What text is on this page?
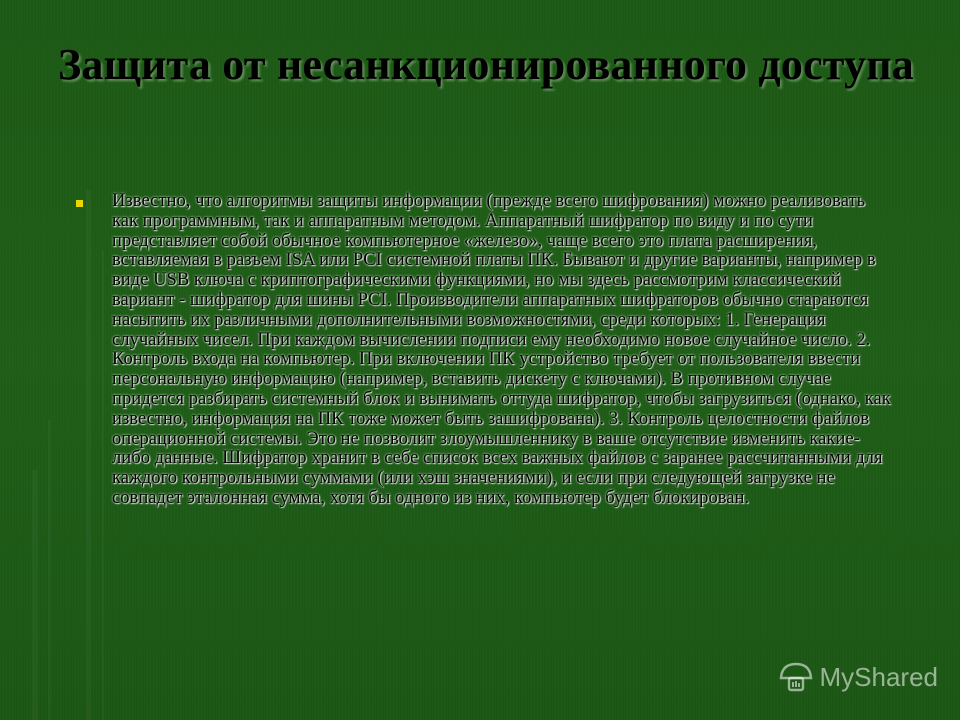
Защита от несанкционированного доступа

Известно, что алгоритмы защиты информации (прежде всего шифрования) можно реализовать как программным, так и аппаратным методом. Аппаратный шифратор по виду и по сути представляет собой обычное компьютерное «железо», чаще всего это плата расширения, вставляемая в разъем ISA или PCI системной платы ПК. Бывают и другие варианты, например в виде USB ключа с криптографическими функциями, но мы здесь рассмотрим классический вариант - шифратор для шины PCI. Производители аппаратных шифраторов обычно стараются насытить их различными дополнительными возможностями, среди которых: 1. Генерация случайных чисел. При каждом вычислении подписи ему необходимо новое случайное число. 2. Контроль входа на компьютер. При включении ПК устройство требует от пользователя ввести персональную информацию (например, вставить дискету с ключами). В противном случае придется разбирать системный блок и вынимать оттуда шифратор, чтобы загрузиться (однако, как известно, информация на ПК тоже может быть зашифрована). 3. Контроль целостности файлов операционной системы. Это не позволит злоумышленнику в ваше отсутствие изменить какие-либо данные. Шифратор хранит в себе список всех важных файлов с заранее рассчитанными для каждого контрольными суммами (или хэш значениями), и если при следующей загрузке не совпадет эталонная сумма, хотя бы одного из них, компьютер будет блокирован.

MyShared
